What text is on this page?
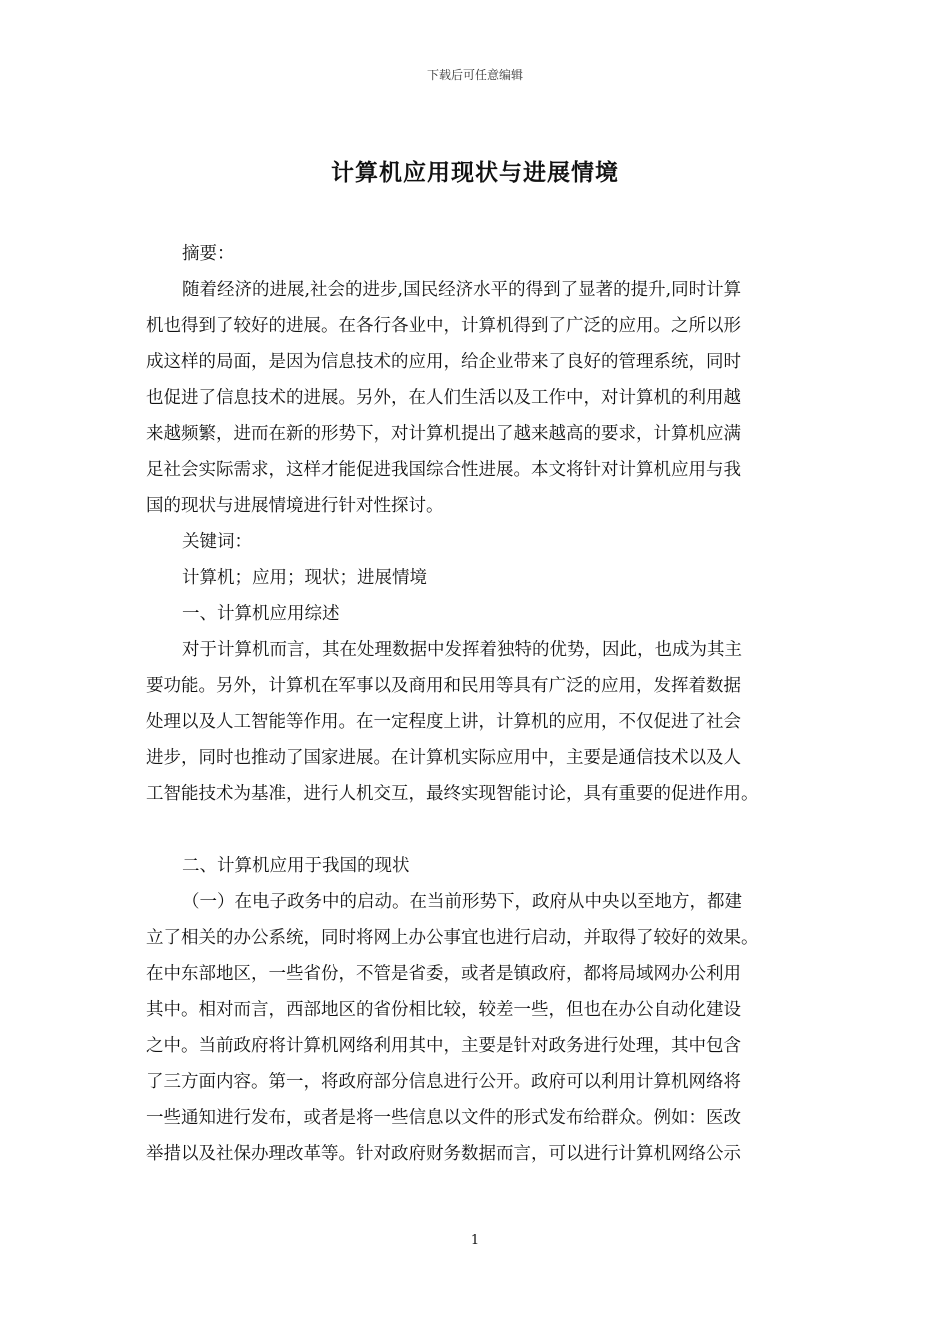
下载后可任意编辑
计算机应用现状与进展情境

摘要：

随着经济的进展,社会的进步,国民经济水平的得到了显著的提升,同时计算

机也得到了较好的进展。在各行各业中，计算机得到了广泛的应用。之所以形

成这样的局面，是因为信息技术的应用，给企业带来了良好的管理系统，同时

也促进了信息技术的进展。另外，在人们生活以及工作中，对计算机的利用越

来越频繁，进而在新的形势下，对计算机提出了越来越高的要求，计算机应满

足社会实际需求，这样才能促进我国综合性进展。本文将针对计算机应用与我

国的现状与进展情境进行针对性探讨。

关键词：

计算机；应用；现状；进展情境

一、计算机应用综述

对于计算机而言，其在处理数据中发挥着独特的优势，因此，也成为其主

要功能。另外，计算机在军事以及商用和民用等具有广泛的应用，发挥着数据

处理以及人工智能等作用。在一定程度上讲，计算机的应用，不仅促进了社会

进步，同时也推动了国家进展。在计算机实际应用中，主要是通信技术以及人

工智能技术为基准，进行人机交互，最终实现智能讨论，具有重要的促进作用。

二、计算机应用于我国的现状

（一）在电子政务中的启动。在当前形势下，政府从中央以至地方，都建

立了相关的办公系统，同时将网上办公事宜也进行启动，并取得了较好的效果。

在中东部地区，一些省份，不管是省委，或者是镇政府，都将局域网办公利用

其中。相对而言，西部地区的省份相比较，较差一些，但也在办公自动化建设

之中。当前政府将计算机网络利用其中，主要是针对政务进行处理，其中包含

了三方面内容。第一，将政府部分信息进行公开。政府可以利用计算机网络将

一些通知进行发布，或者是将一些信息以文件的形式发布给群众。例如：医改

举措以及社保办理改革等。针对政府财务数据而言，可以进行计算机网络公示

1
